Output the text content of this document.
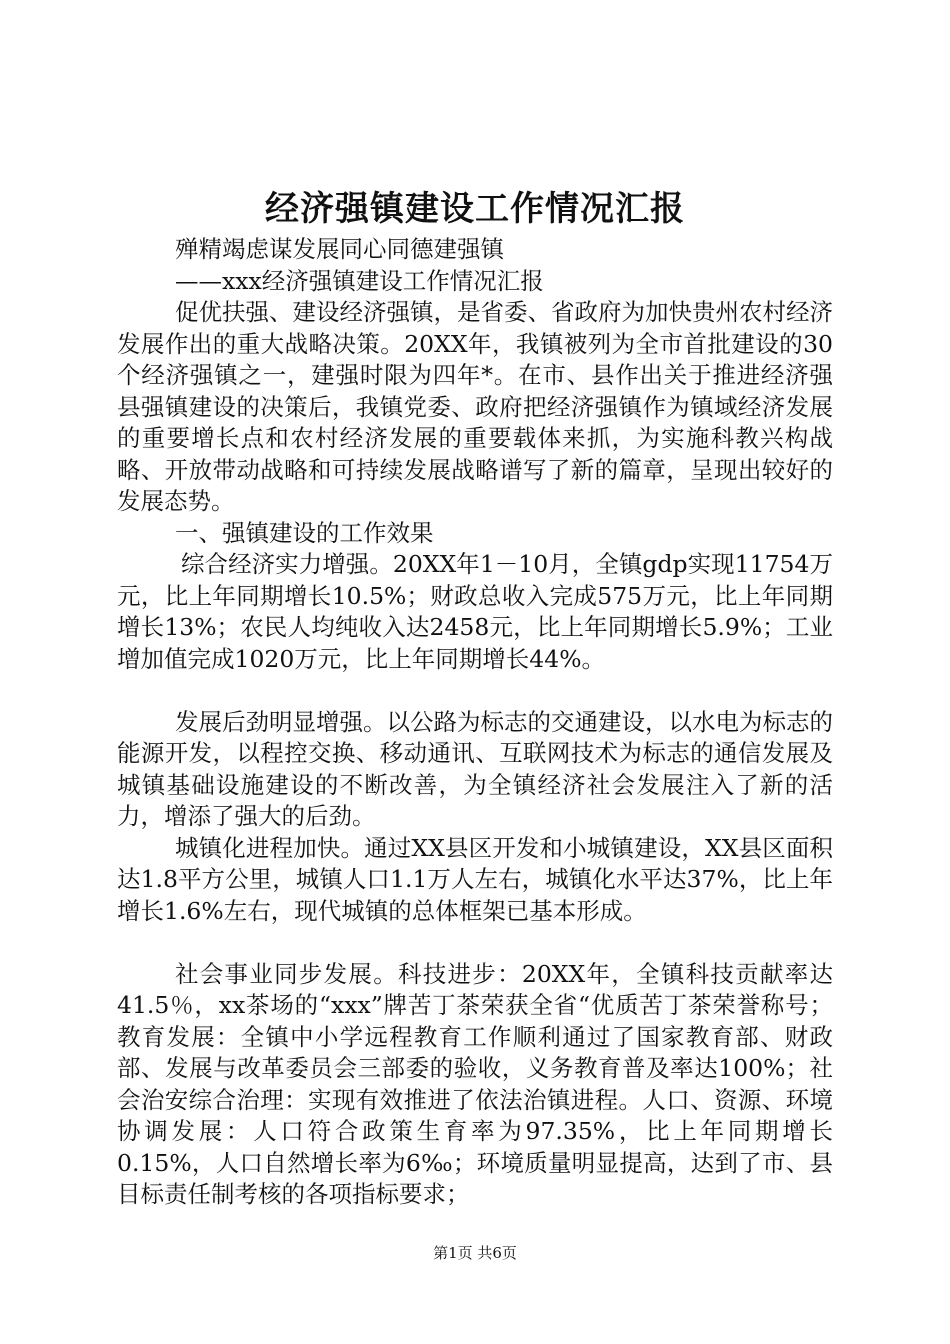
经济强镇建设工作情况汇报

殚精竭虑谋发展同心同德建强镇

——xxx经济强镇建设工作情况汇报

促优扶强、建设经济强镇，是省委、省政府为加快贵州农村经济发展作出的重大战略决策。20XX年，我镇被列为全市首批建设的30个经济强镇之一，建强时限为四年*。在市、县作出关于推进经济强县强镇建设的决策后，我镇党委、政府把经济强镇作为镇域经济发展的重要增长点和农村经济发展的重要载体来抓，为实施科教兴构战略、开放带动战略和可持续发展战略谱写了新的篇章，呈现出较好的发展态势。

一、强镇建设的工作效果

综合经济实力增强。20XX年1－10月，全镇gdp实现11754万元，比上年同期增长10.5%；财政总收入完成575万元，比上年同期增长13%；农民人均纯收入达2458元，比上年同期增长5.9%；工业增加值完成1020万元，比上年同期增长44%。

发展后劲明显增强。以公路为标志的交通建设，以水电为标志的能源开发，以程控交换、移动通讯、互联网技术为标志的通信发展及城镇基础设施建设的不断改善，为全镇经济社会发展注入了新的活力，增添了强大的后劲。

城镇化进程加快。通过XX县区开发和小城镇建设，XX县区面积达1.8平方公里，城镇人口1.1万人左右，城镇化水平达37%，比上年增长1.6%左右，现代城镇的总体框架已基本形成。

社会事业同步发展。科技进步：20XX年，全镇科技贡献率达41.5％，xx茶场的“xxx”牌苦丁茶荣获全省“优质苦丁茶荣誉称号；教育发展：全镇中小学远程教育工作顺利通过了国家教育部、财政部、发展与改革委员会三部委的验收，义务教育普及率达100%；社会治安综合治理：实现有效推进了依法治镇进程。人口、资源、环境协调发展：人口符合政策生育率为97.35%，比上年同期增长0.15%，人口自然增长率为6‰；环境质量明显提高，达到了市、县目标责任制考核的各项指标要求；

第1页 共6页
